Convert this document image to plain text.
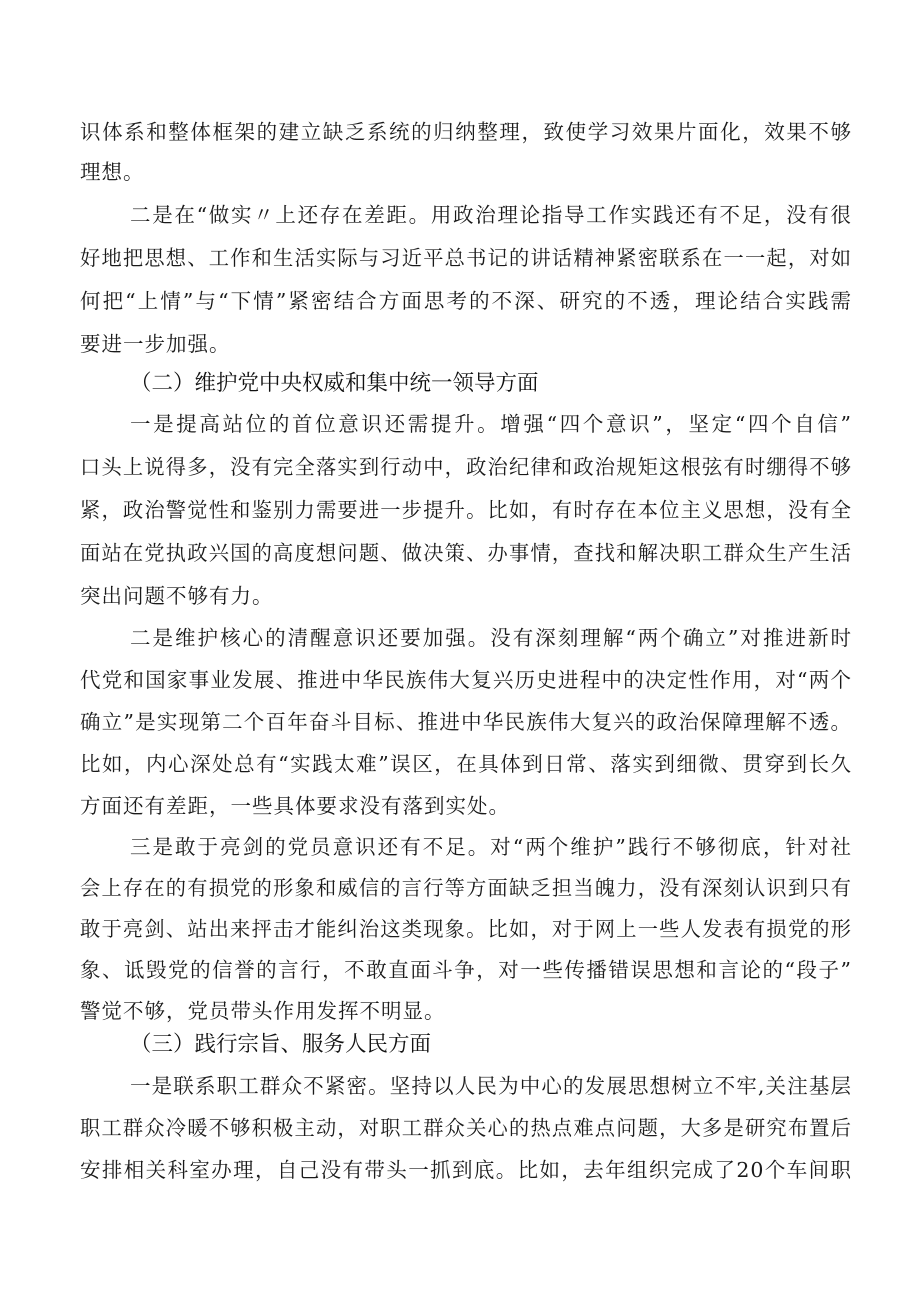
识体系和整体框架的建立缺乏系统的归纳整理，致使学习效果片面化，效果不够
理想。
二是在“做实〃上还存在差距。用政治理论指导工作实践还有不足，没有很
好地把思想、工作和生活实际与习近平总书记的讲话精神紧密联系在一一起，对如
何把“上情”与“下情”紧密结合方面思考的不深、研究的不透，理论结合实践需
要进一步加强。
（二）维护党中央权威和集中统一领导方面
一是提高站位的首位意识还需提升。增强“四个意识”，坚定“四个自信”
口头上说得多，没有完全落实到行动中，政治纪律和政治规矩这根弦有时绷得不够
紧，政治警觉性和鉴别力需要进一步提升。比如，有时存在本位主义思想，没有全
面站在党执政兴国的高度想问题、做决策、办事情，查找和解决职工群众生产生活
突出问题不够有力。
二是维护核心的清醒意识还要加强。没有深刻理解“两个确立”对推进新时
代党和国家事业发展、推进中华民族伟大复兴历史进程中的决定性作用，对“两个
确立”是实现第二个百年奋斗目标、推进中华民族伟大复兴的政治保障理解不透。
比如，内心深处总有“实践太难”误区，在具体到日常、落实到细微、贯穿到长久
方面还有差距，一些具体要求没有落到实处。
三是敢于亮剑的党员意识还有不足。对“两个维护”践行不够彻底，针对社
会上存在的有损党的形象和威信的言行等方面缺乏担当魄力，没有深刻认识到只有
敢于亮剑、站出来抨击才能纠治这类现象。比如，对于网上一些人发表有损党的形
象、诋毁党的信誉的言行，不敢直面斗争，对一些传播错误思想和言论的“段子”
警觉不够，党员带头作用发挥不明显。
（三）践行宗旨、服务人民方面
一是联系职工群众不紧密。坚持以人民为中心的发展思想树立不牢,关注基层
职工群众冷暖不够积极主动，对职工群众关心的热点难点问题，大多是研究布置后
安排相关科室办理，自己没有带头一抓到底。比如，去年组织完成了20个车间职
